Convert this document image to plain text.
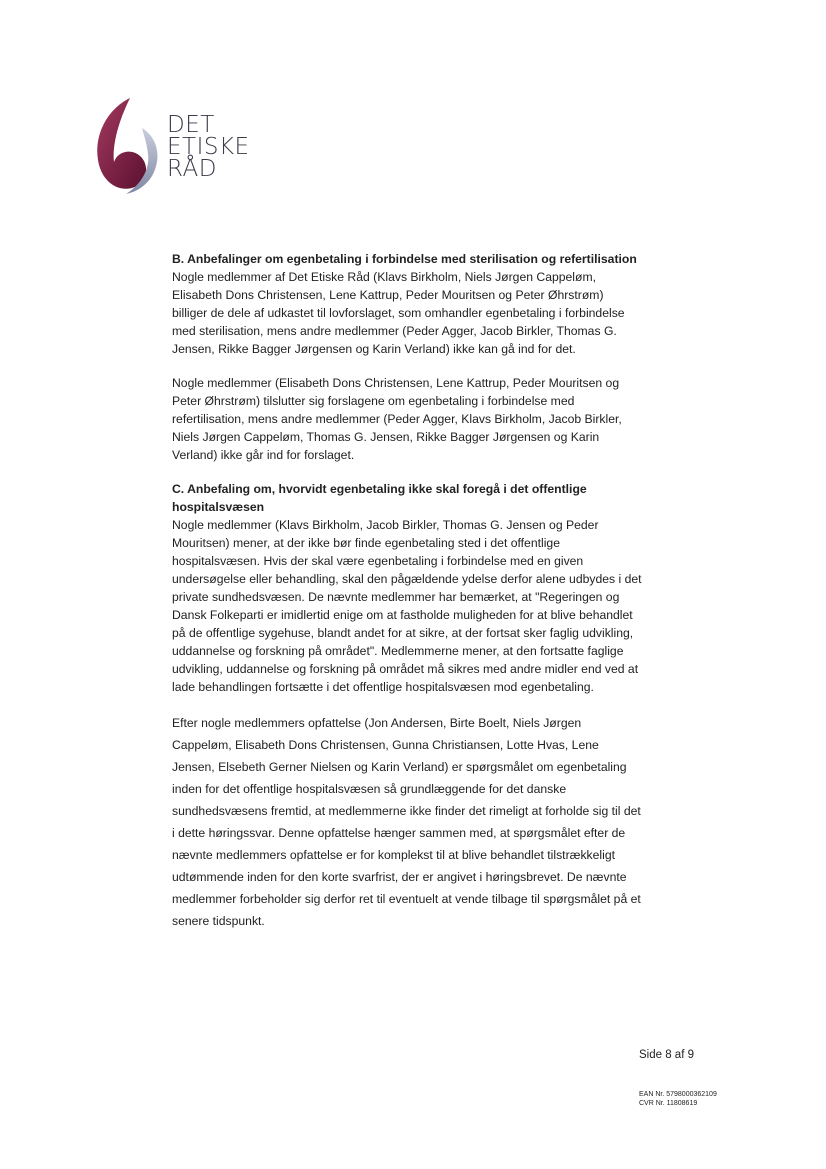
DET
ETISKE
RÅD

B. Anbefalinger om egenbetaling i forbindelse med sterilisation og refertilisation

Nogle medlemmer af Det Etiske Råd (Klavs Birkholm, Niels Jørgen Cappeløm, Elisabeth Dons Christensen, Lene Kattrup, Peder Mouritsen og Peter Øhrstrøm) billiger de dele af udkastet til lovforslaget, som omhandler egenbetaling i forbindelse med sterilisation, mens andre medlemmer (Peder Agger, Jacob Birkler, Thomas G. Jensen, Rikke Bagger Jørgensen og Karin Verland) ikke kan gå ind for det.

Nogle medlemmer (Elisabeth Dons Christensen, Lene Kattrup, Peder Mouritsen og Peter Øhrstrøm) tilslutter sig forslagene om egenbetaling i forbindelse med refertilisation, mens andre medlemmer (Peder Agger, Klavs Birkholm, Jacob Birkler, Niels Jørgen Cappeløm, Thomas G. Jensen, Rikke Bagger Jørgensen og Karin Verland) ikke går ind for forslaget.

C. Anbefaling om, hvorvidt egenbetaling ikke skal foregå i det offentlige hospitalsvæsen

Nogle medlemmer (Klavs Birkholm, Jacob Birkler, Thomas G. Jensen og Peder Mouritsen) mener, at der ikke bør finde egenbetaling sted i det offentlige hospitalsvæsen. Hvis der skal være egenbetaling i forbindelse med en given undersøgelse eller behandling, skal den pågældende ydelse derfor alene udbydes i det private sundhedsvæsen. De nævnte medlemmer har bemærket, at "Regeringen og Dansk Folkeparti er imidlertid enige om at fastholde muligheden for at blive behandlet på de offentlige sygehuse, blandt andet for at sikre, at der fortsat sker faglig udvikling, uddannelse og forskning på området". Medlemmerne mener, at den fortsatte faglige udvikling, uddannelse og forskning på området må sikres med andre midler end ved at lade behandlingen fortsætte i det offentlige hospitalsvæsen mod egenbetaling.

Efter nogle medlemmers opfattelse (Jon Andersen, Birte Boelt, Niels Jørgen Cappeløm, Elisabeth Dons Christensen, Gunna Christiansen, Lotte Hvas, Lene Jensen, Elsebeth Gerner Nielsen og Karin Verland) er spørgsmålet om egenbetaling inden for det offentlige hospitalsvæsen så grundlæggende for det danske sundhedsvæsens fremtid, at medlemmerne ikke finder det rimeligt at forholde sig til det i dette høringssvar. Denne opfattelse hænger sammen med, at spørgsmålet efter de nævnte medlemmers opfattelse er for komplekst til at blive behandlet tilstrækkeligt udtømmende inden for den korte svarfrist, der er angivet i høringsbrevet. De nævnte medlemmer forbeholder sig derfor ret til eventuelt at vende tilbage til spørgsmålet på et senere tidspunkt.

Side 8 af 9
EAN Nr. 5798000362109
CVR Nr. 11808619
